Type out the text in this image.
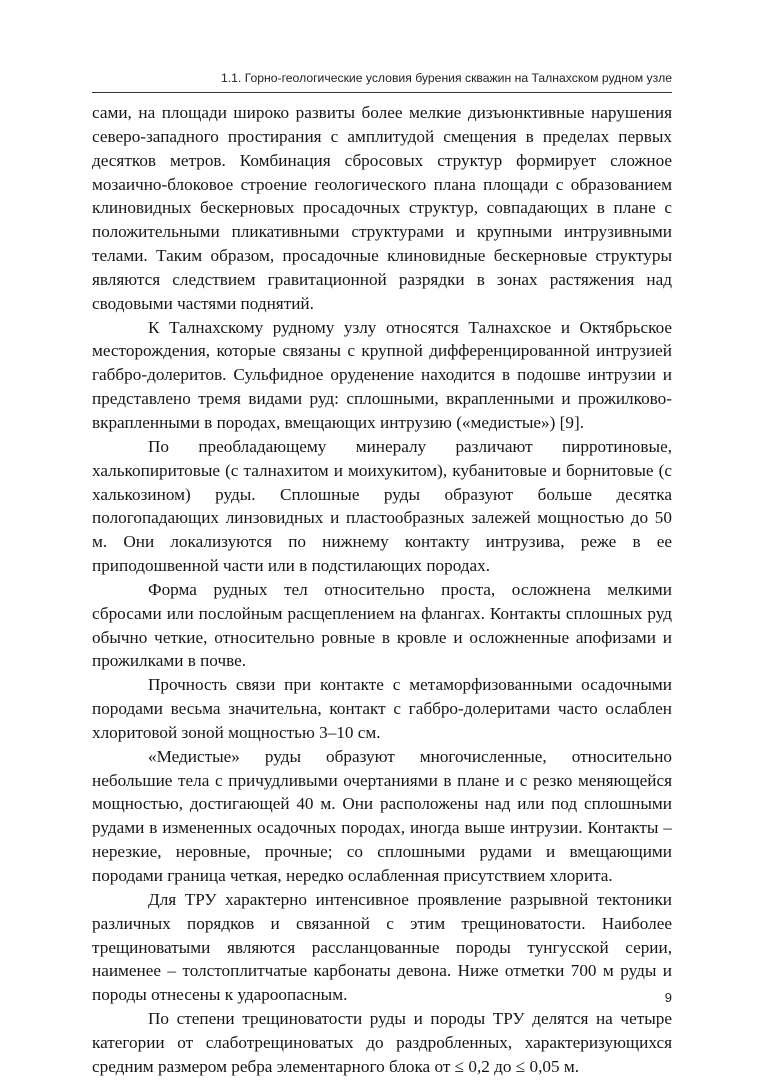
1.1. Горно-геологические условия бурения скважин на Талнахском рудном узле

сами, на площади широко развиты более мелкие дизъюнктивные нарушения северо-западного простирания с амплитудой смещения в пределах первых десятков метров. Комбинация сбросовых структур формирует сложное мозаично-блоковое строение геологического плана площади с образованием клиновидных бескерновых просадочных структур, совпадающих в плане с положительными пликативными структурами и крупными интрузивными телами. Таким образом, просадочные клиновидные бескерновые структуры являются следствием гравитационной разрядки в зонах растяжения над сводовыми частями поднятий.

К Талнахскому рудному узлу относятся Талнахское и Октябрьское месторождения, которые связаны с крупной дифференцированной интрузией габбро-долеритов. Сульфидное оруденение находится в подошве интрузии и представлено тремя видами руд: сплошными, вкрапленными и прожилково-вкрапленными в породах, вмещающих интрузию («медистые») [9].

По преобладающему минералу различают пирротиновые, халькопиритовые (с талнахитом и моихукитом), кубанитовые и борнитовые (с халькозином) руды. Сплошные руды образуют больше десятка пологопадающих линзовидных и пластообразных залежей мощностью до 50 м. Они локализуются по нижнему контакту интрузива, реже в ее приподошвенной части или в подстилающих породах.

Форма рудных тел относительно проста, осложнена мелкими сбросами или послойным расщеплением на флангах. Контакты сплошных руд обычно четкие, относительно ровные в кровле и осложненные апофизами и прожилками в почве.

Прочность связи при контакте с метаморфизованными осадочными породами весьма значительна, контакт с габбро-долеритами часто ослаблен хлоритовой зоной мощностью 3–10 см.

«Медистые» руды образуют многочисленные, относительно небольшие тела с причудливыми очертаниями в плане и с резко меняющейся мощностью, достигающей 40 м. Они расположены над или под сплошными рудами в измененных осадочных породах, иногда выше интрузии. Контакты – нерезкие, неровные, прочные; со сплошными рудами и вмещающими породами граница четкая, нередко ослабленная присутствием хлорита.

Для ТРУ характерно интенсивное проявление разрывной тектоники различных порядков и связанной с этим трещиноватости. Наиболее трещиноватыми являются рассланцованные породы тунгусской серии, наименее – толстоплитчатые карбонаты девона. Ниже отметки 700 м руды и породы отнесены к удароопасным.

По степени трещиноватости руды и породы ТРУ делятся на четыре категории от слаботрещиноватых до раздробленных, характеризующихся средним размером ребра элементарного блока от ≤ 0,2 до ≤ 0,05 м.

9
